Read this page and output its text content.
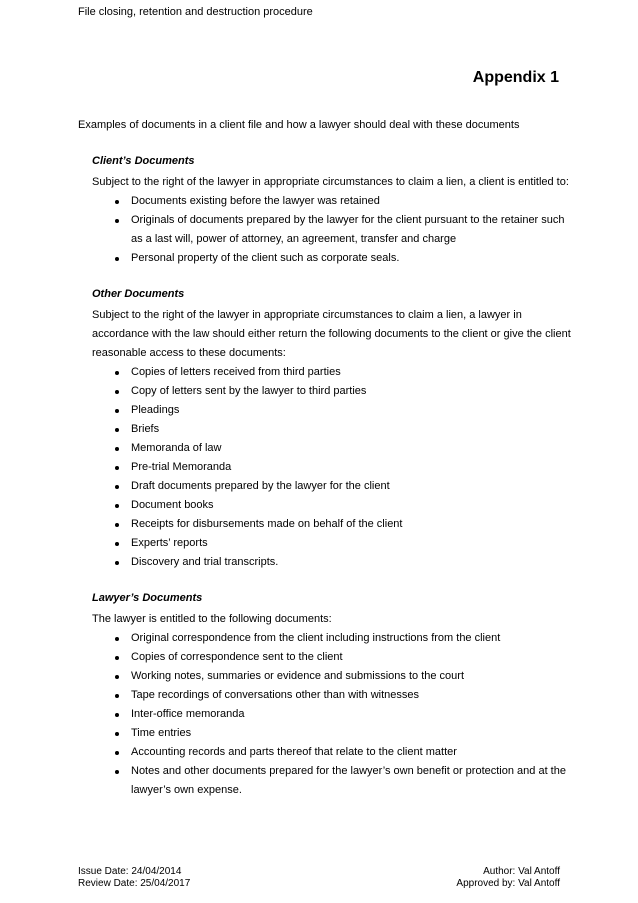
File closing, retention and destruction procedure
Appendix 1
Examples of documents in a client file and how a lawyer should deal with these documents
Client’s Documents

Subject to the right of the lawyer in appropriate circumstances to claim a lien, a client is entitled to:

Documents existing before the lawyer was retained
Originals of documents prepared by the lawyer for the client pursuant to the retainer such as a last will, power of attorney, an agreement, transfer and charge
Personal property of the client such as corporate seals.
Other Documents

Subject to the right of the lawyer in appropriate circumstances to claim a lien, a lawyer in accordance with the law should either return the following documents to the client or give the client reasonable access to these documents:

Copies of letters received from third parties
Copy of letters sent by the lawyer to third parties
Pleadings
Briefs
Memoranda of law
Pre-trial Memoranda
Draft documents prepared by the lawyer for the client
Document books
Receipts for disbursements made on behalf of the client
Experts’ reports
Discovery and trial transcripts.
Lawyer’s Documents

The lawyer is entitled to the following documents:

Original correspondence from the client including instructions from the client
Copies of correspondence sent to the client
Working notes, summaries or evidence and submissions to the court
Tape recordings of conversations other than with witnesses
Inter-office memoranda
Time entries
Accounting records and parts thereof that relate to the client matter
Notes and other documents prepared for the lawyer’s own benefit or protection and at the lawyer’s own expense.
Issue Date: 24/04/2014
Review Date: 25/04/2017
Author: Val Antoff
Approved by: Val Antoff
